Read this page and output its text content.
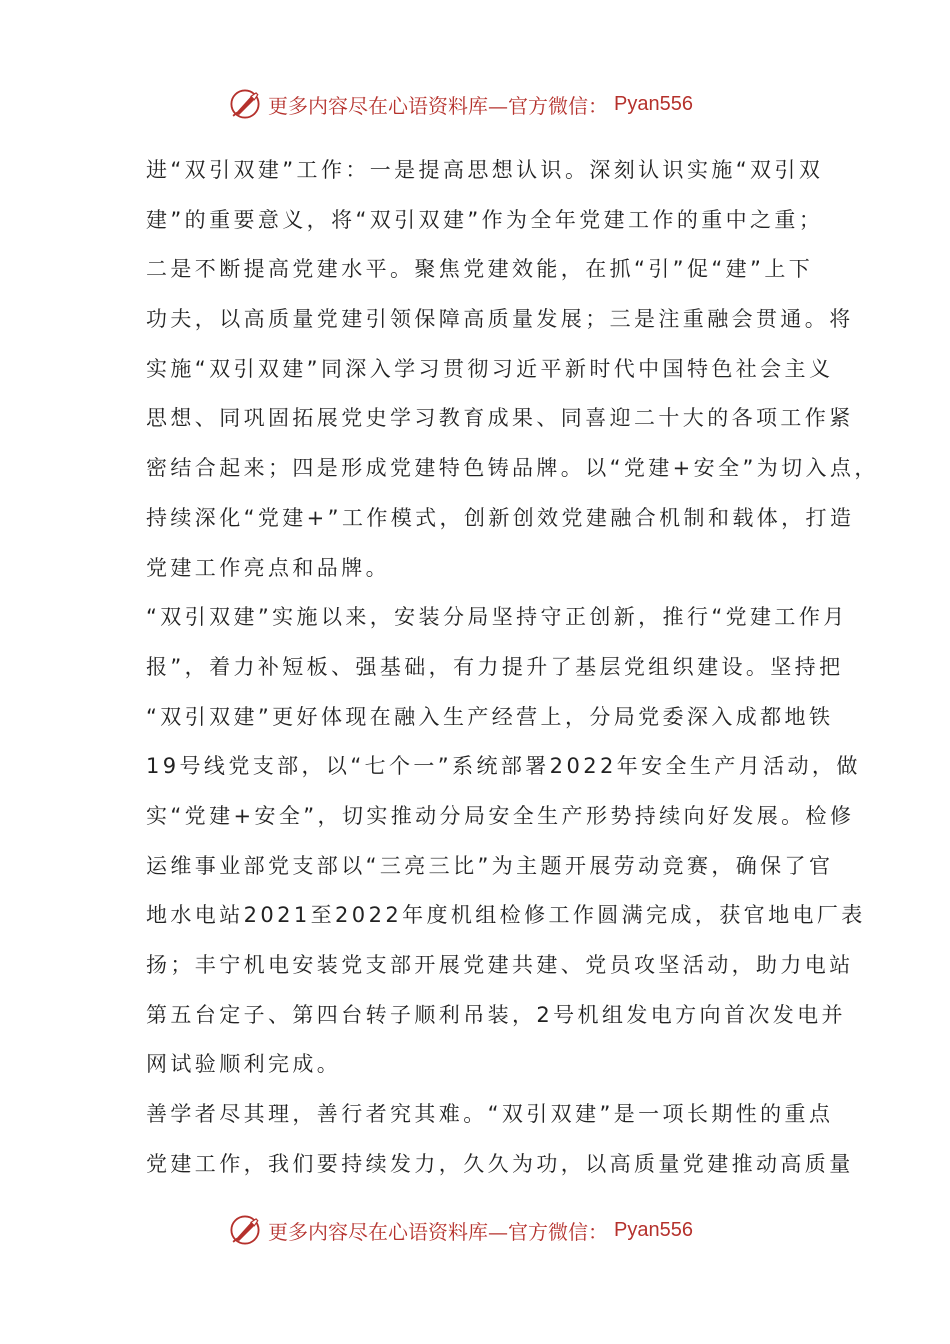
更多内容尽在心语资料库—官方微信： Pyan556
进“双引双建”工作：一是提高思想认识。深刻认识实施“双引双
建”的重要意义，将“双引双建”作为全年党建工作的重中之重；
二是不断提高党建水平。聚焦党建效能，在抓“引”促“建”上下
功夫，以高质量党建引领保障高质量发展；三是注重融会贯通。将
实施“双引双建”同深入学习贯彻习近平新时代中国特色社会主义
思想、同巩固拓展党史学习教育成果、同喜迎二十大的各项工作紧
密结合起来；四是形成党建特色铸品牌。以“党建+安全”为切入点，
持续深化“党建+”工作模式，创新创效党建融合机制和载体，打造
党建工作亮点和品牌。
“双引双建”实施以来，安装分局坚持守正创新，推行“党建工作月
报”，着力补短板、强基础，有力提升了基层党组织建设。坚持把
“双引双建”更好体现在融入生产经营上，分局党委深入成都地铁
19号线党支部，以“七个一”系统部署2022年安全生产月活动，做
实“党建+安全”，切实推动分局安全生产形势持续向好发展。检修
运维事业部党支部以“三亮三比”为主题开展劳动竞赛，确保了官
地水电站2021至2022年度机组检修工作圆满完成，获官地电厂表
扬；丰宁机电安装党支部开展党建共建、党员攻坚活动，助力电站
第五台定子、第四台转子顺利吊装，2号机组发电方向首次发电并
网试验顺利完成。
善学者尽其理，善行者究其难。“双引双建”是一项长期性的重点
党建工作，我们要持续发力，久久为功，以高质量党建推动高质量
更多内容尽在心语资料库—官方微信： Pyan556
